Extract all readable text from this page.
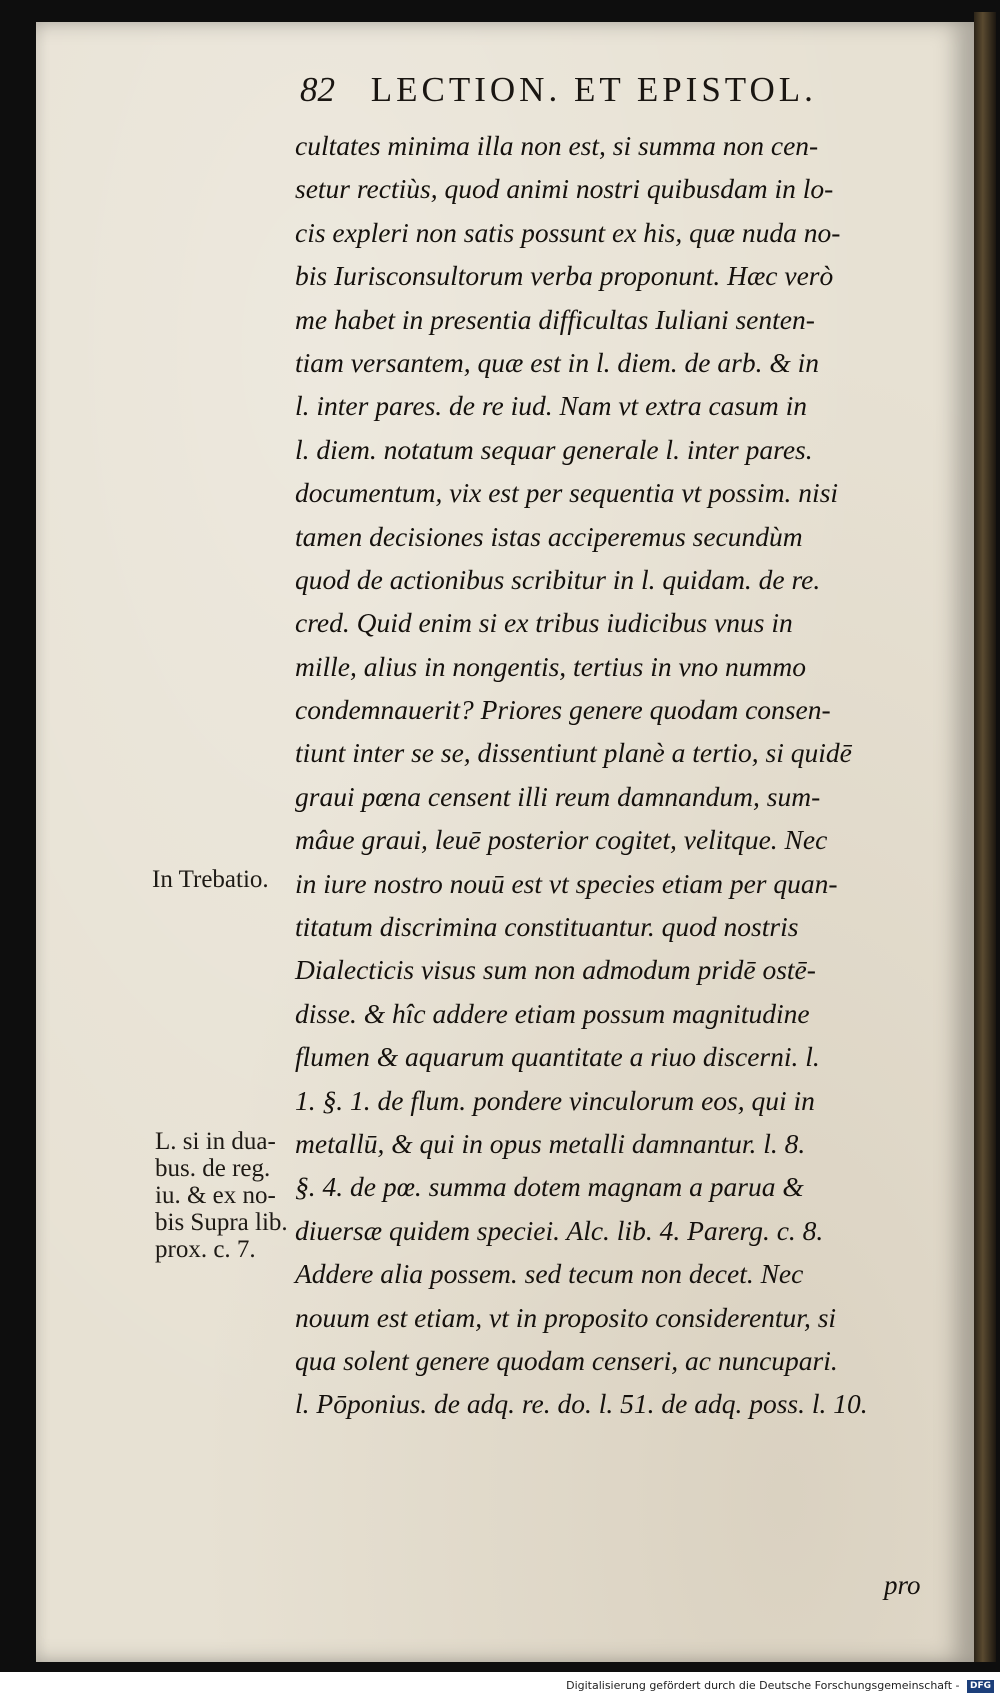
82 LECTION. ET EPISTOL.
cultates minima illa non est, si summa non cen-
setur rectiùs, quod animi nostri quibusdam in lo-
cis expleri non satis possunt ex his, quæ nuda no-
bis Iurisconsultorum verba proponunt. Hæc verò
me habet in presentia difficultas Iuliani senten-
tiam versantem, quæ est in l. diem. de arb. & in
l. inter pares. de re iud. Nam vt extra casum in
l. diem. notatum sequar generale l. inter pares.
documentum, vix est per sequentia vt possim. nisi
tamen decisiones istas acciperemus secundùm
quod de actionibus scribitur in l. quidam. de re.
cred. Quid enim si ex tribus iudicibus vnus in
mille, alius in nongentis, tertius in vno nummo
condemnauerit? Priores genere quodam consen-
tiunt inter se se, dissentiunt planè a tertio, si quidē
graui pœna censent illi reum damnandum, sum-
mâue graui, leuē posterior cogitet, velitque. Nec
in iure nostro nouū est vt species etiam per quan-
titatum discrimina constituantur. quod nostris
Dialecticis visus sum non admodum pridē ostē-
disse. & hîc addere etiam possum magnitudine
flumen & aquarum quantitate a riuo discerni. l.
1. §. 1. de flum. pondere vinculorum eos, qui in
metallū, & qui in opus metalli damnantur. l. 8.
§. 4. de pœ. summa dotem magnam a parua &
diuersæ quidem speciei. Alc. lib. 4. Parerg. c. 8.
Addere alia possem. sed tecum non decet. Nec
nouum est etiam, vt in proposito considerentur, si
qua solent genere quodam censeri, ac nuncupari.
l. Pōponius. de adq. re. do. l. 51. de adq. poss. l. 10.
In Trebatio.
L. si in dua-
bus. de reg.
iu. & ex no-
bis Supra lib.
prox. c. 7.
pro
Digitalisierung gefördert durch die Deutsche Forschungsgemeinschaft - DFG
